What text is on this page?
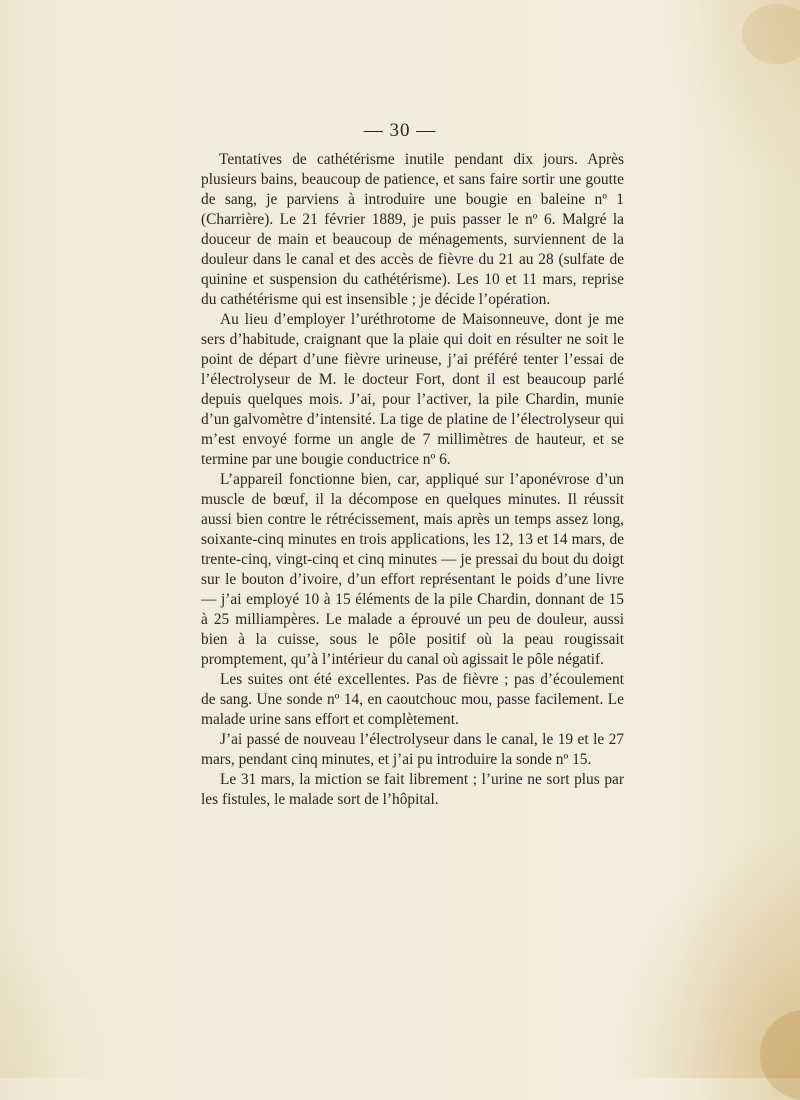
— 30 —

Tentatives de cathétérisme inutile pendant dix jours. Après plusieurs bains, beaucoup de patience, et sans faire sortir une goutte de sang, je parviens à introduire une bougie en baleine nº 1 (Charrière). Le 21 février 1889, je puis passer le nº 6. Malgré la douceur de main et beaucoup de ménagements, surviennent de la douleur dans le canal et des accès de fièvre du 21 au 28 (sulfate de quinine et suspension du cathétérisme). Les 10 et 11 mars, reprise du cathétérisme qui est insensible ; je décide l’opération.

Au lieu d’employer l’uréthrotome de Maisonneuve, dont je me sers d’habitude, craignant que la plaie qui doit en résulter ne soit le point de départ d’une fièvre urineuse, j’ai préféré tenter l’essai de l’électrolyseur de M. le docteur Fort, dont il est beaucoup parlé depuis quelques mois. J’ai, pour l’activer, la pile Chardin, munie d’un galvomètre d’intensité. La tige de platine de l’électrolyseur qui m’est envoyé forme un angle de 7 millimètres de hauteur, et se termine par une bougie conductrice nº 6.

L’appareil fonctionne bien, car, appliqué sur l’aponévrose d’un muscle de bœuf, il la décompose en quelques minutes. Il réussit aussi bien contre le rétrécissement, mais après un temps assez long, soixante-cinq minutes en trois applications, les 12, 13 et 14 mars, de trente-cinq, vingt-cinq et cinq minutes — je pressai du bout du doigt sur le bouton d’ivoire, d’un effort représentant le poids d’une livre — j’ai employé 10 à 15 éléments de la pile Chardin, donnant de 15 à 25 milliampères. Le malade a éprouvé un peu de douleur, aussi bien à la cuisse, sous le pôle positif où la peau rougissait promptement, qu’à l’intérieur du canal où agissait le pôle négatif.

Les suites ont été excellentes. Pas de fièvre ; pas d’écoulement de sang. Une sonde nº 14, en caoutchouc mou, passe facilement. Le malade urine sans effort et complètement.

J’ai passé de nouveau l’électrolyseur dans le canal, le 19 et le 27 mars, pendant cinq minutes, et j’ai pu introduire la sonde nº 15.

Le 31 mars, la miction se fait librement ; l’urine ne sort plus par les fistules, le malade sort de l’hôpital.
